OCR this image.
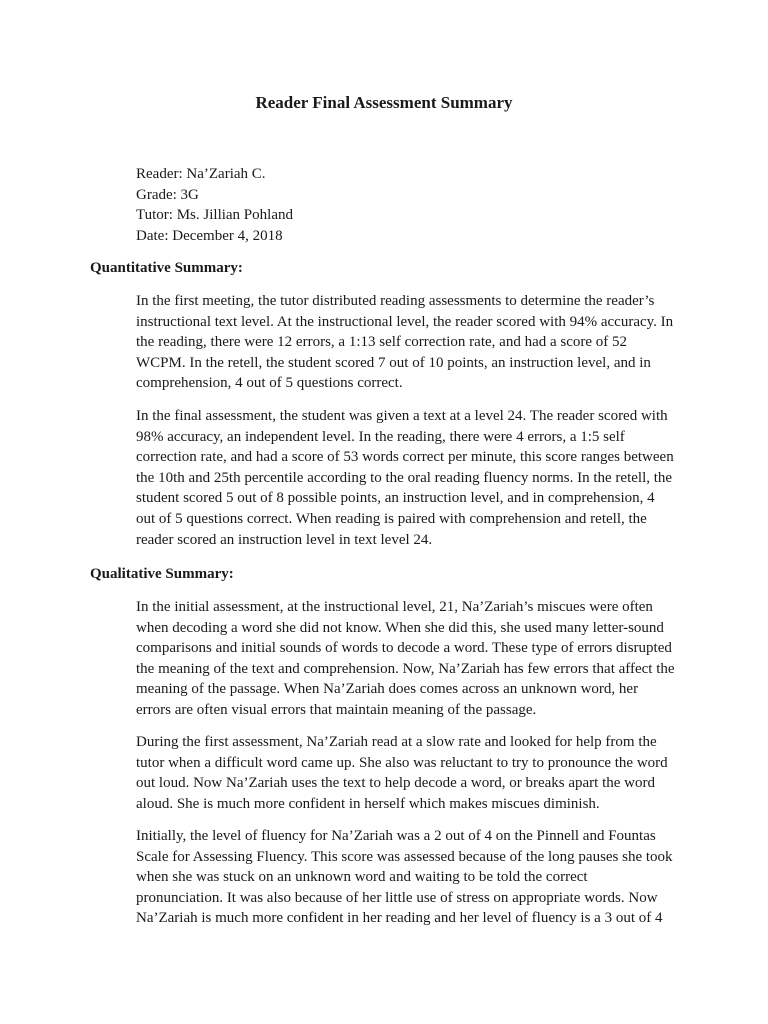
Reader Final Assessment Summary
Reader: Na’Zariah C.
Grade: 3G
Tutor: Ms. Jillian Pohland
Date: December 4, 2018
Quantitative Summary:

In the first meeting, the tutor distributed reading assessments to determine the reader’s
instructional text level. At the instructional level, the reader scored with 94% accuracy. In
the reading, there were 12 errors, a 1:13 self correction rate, and had a score of 52
WCPM. In the retell, the student scored 7 out of 10 points, an instruction level, and in
comprehension, 4 out of 5 questions correct.

In the final assessment, the student was given a text at a level 24. The reader scored with
98% accuracy, an independent level. In the reading, there were 4 errors, a 1:5 self
correction rate, and had a score of 53 words correct per minute, this score ranges between
the 10th and 25th percentile according to the oral reading fluency norms. In the retell, the
student scored 5 out of 8 possible points, an instruction level, and in comprehension, 4
out of 5 questions correct. When reading is paired with comprehension and retell, the
reader scored an instruction level in text level 24.

Qualitative Summary:

In the initial assessment, at the instructional level, 21, Na’Zariah’s miscues were often
when decoding a word she did not know. When she did this, she used many letter-sound
comparisons and initial sounds of words to decode a word. These type of errors disrupted
the meaning of the text and comprehension. Now, Na’Zariah has few errors that affect the
meaning of the passage. When Na’Zariah does comes across an unknown word, her
errors are often visual errors that maintain meaning of the passage.

During the first assessment, Na’Zariah read at a slow rate and looked for help from the
tutor when a difficult word came up. She also was reluctant to try to pronounce the word
out loud. Now Na’Zariah uses the text to help decode a word, or breaks apart the word
aloud. She is much more confident in herself which makes miscues diminish.

Initially, the level of fluency for Na’Zariah was a 2 out of 4 on the Pinnell and Fountas
Scale for Assessing Fluency. This score was assessed because of the long pauses she took
when she was stuck on an unknown word and waiting to be told the correct
pronunciation. It was also because of her little use of stress on appropriate words. Now
Na’Zariah is much more confident in her reading and her level of fluency is a 3 out of 4
